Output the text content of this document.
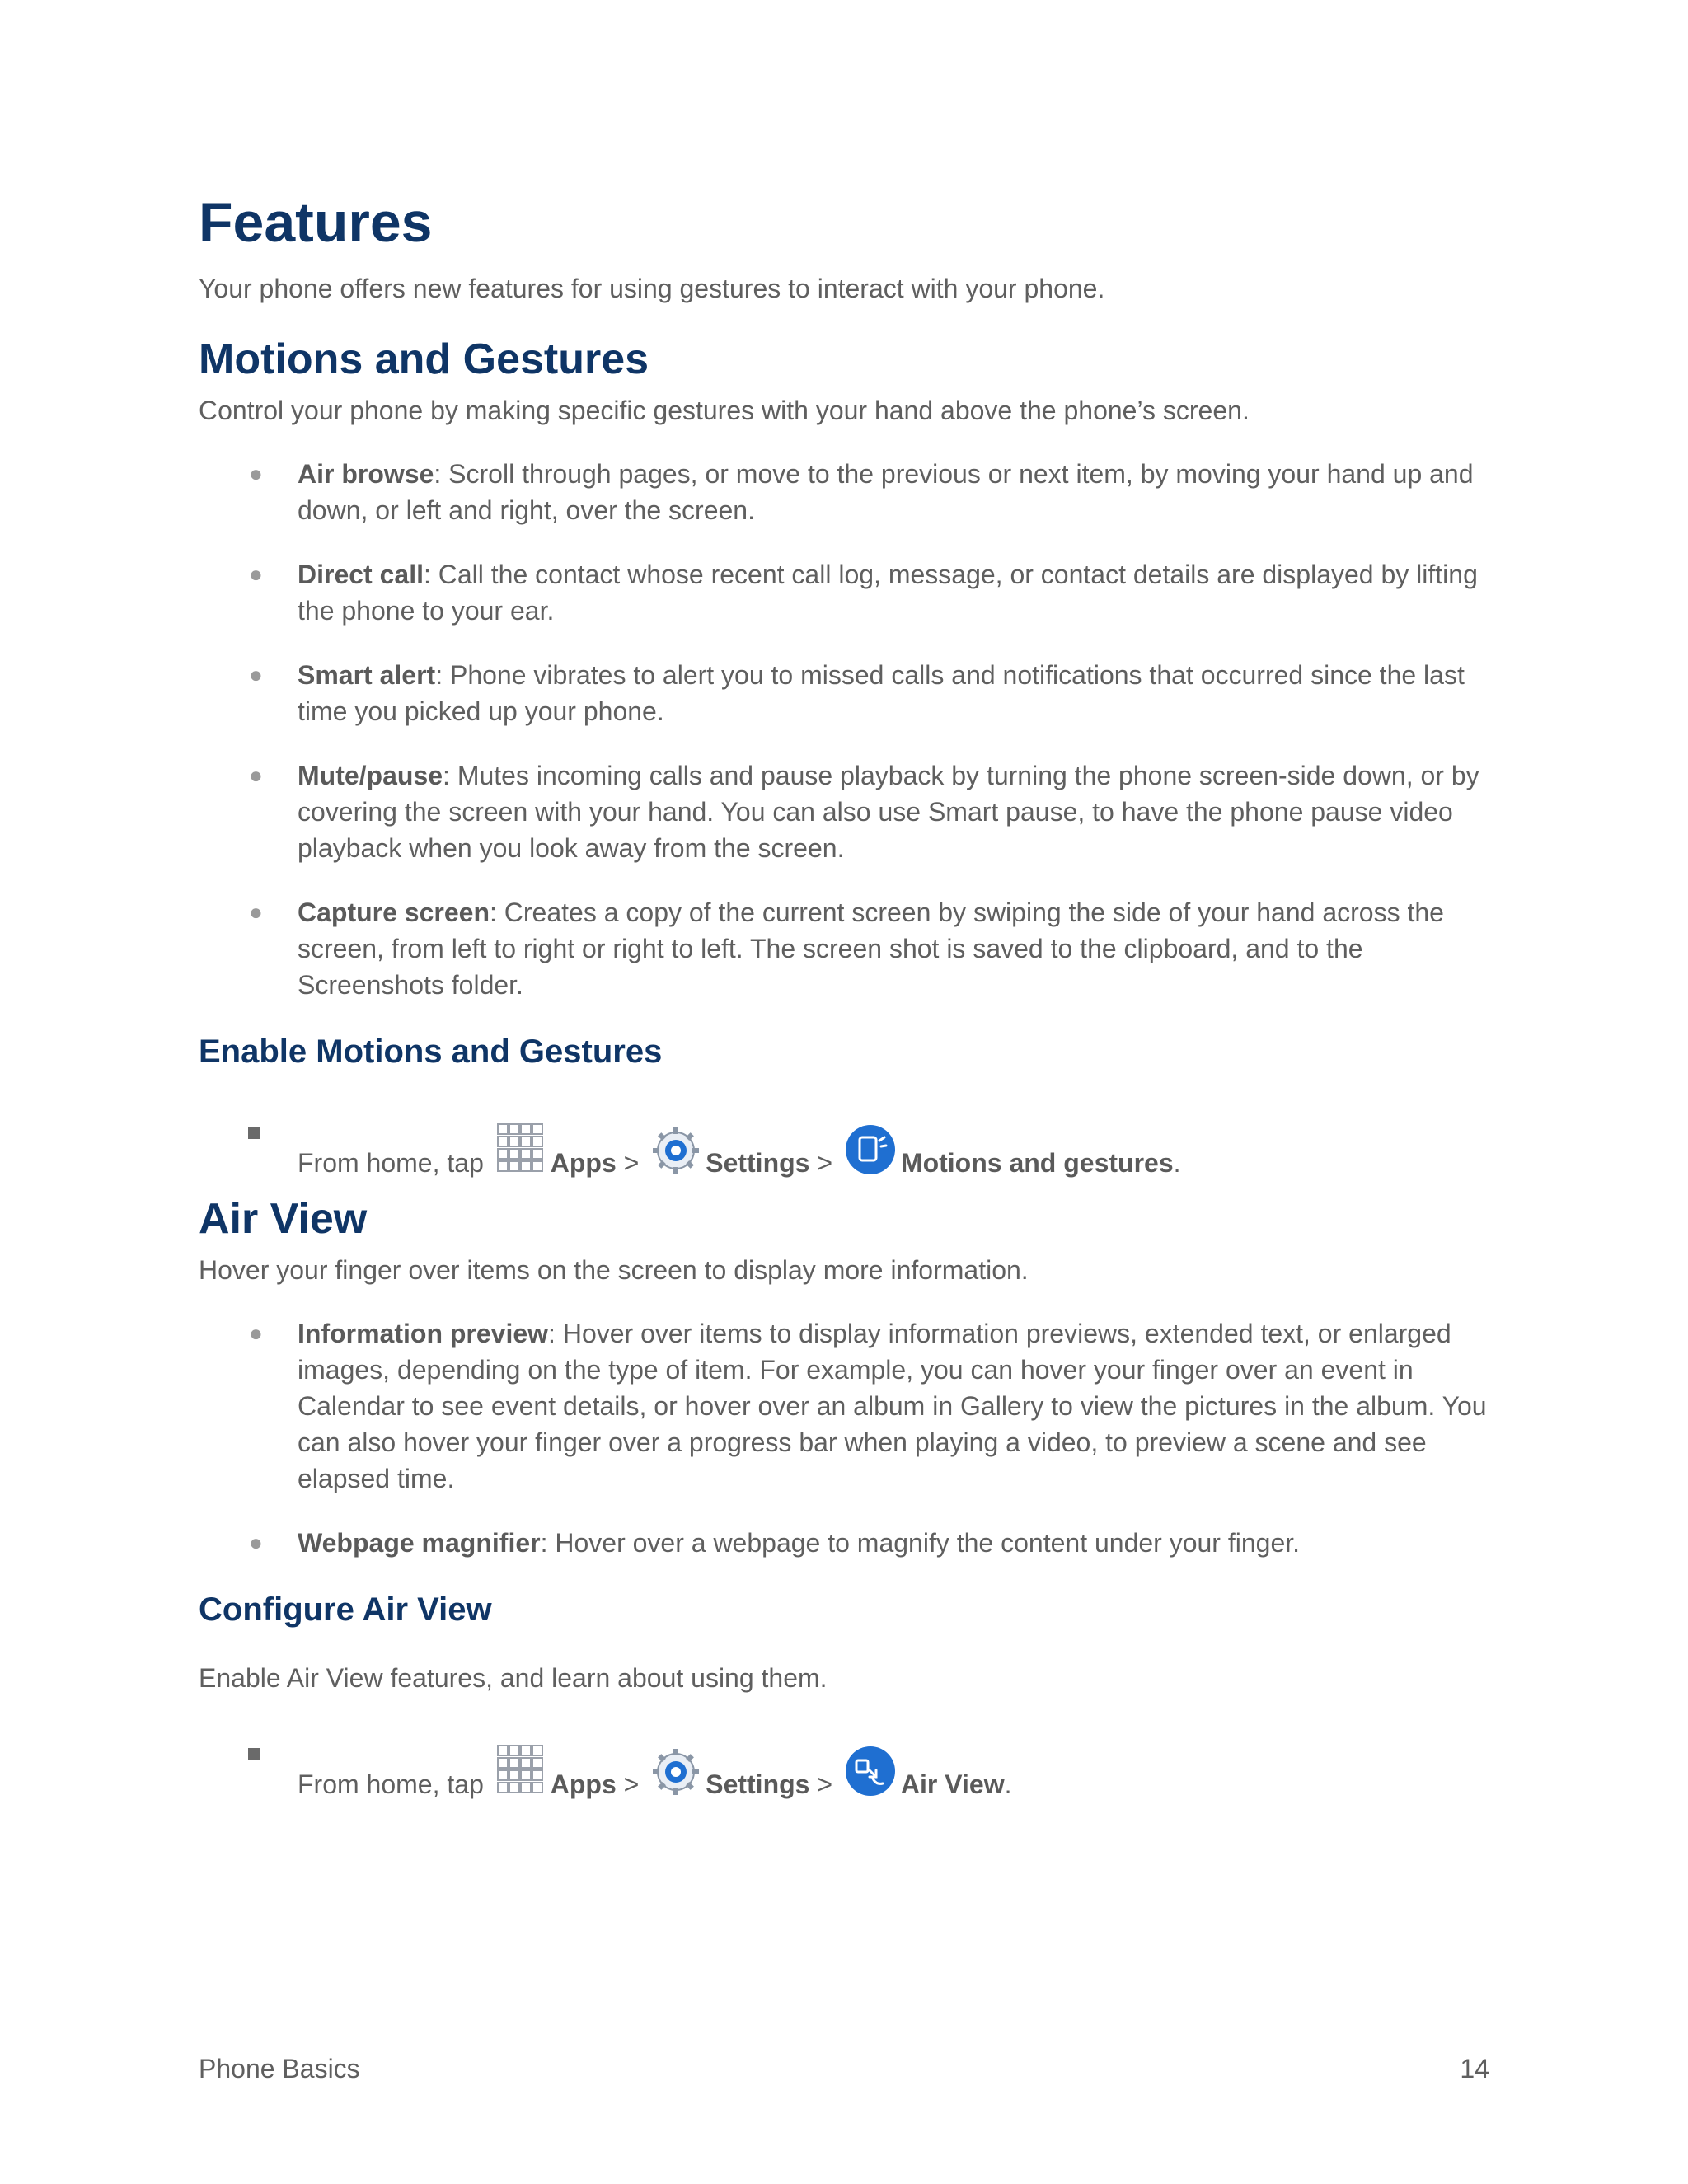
Features

Your phone offers new features for using gestures to interact with your phone.

Motions and Gestures

Control your phone by making specific gestures with your hand above the phone’s screen.

● Air browse: Scroll through pages, or move to the previous or next item, by moving your hand up and down, or left and right, over the screen.
● Direct call: Call the contact whose recent call log, message, or contact details are displayed by lifting the phone to your ear.
● Smart alert: Phone vibrates to alert you to missed calls and notifications that occurred since the last time you picked up your phone.
● Mute/pause: Mutes incoming calls and pause playback by turning the phone screen-side down, or by covering the screen with your hand. You can also use Smart pause, to have the phone pause video playback when you look away from the screen.
● Capture screen: Creates a copy of the current screen by swiping the side of your hand across the screen, from left to right or right to left. The screen shot is saved to the clipboard, and to the Screenshots folder.
Enable Motions and Gestures
From home, tap	Apps >	Settings >	Motions and gestures.
Air View

Hover your finger over items on the screen to display more information.

● Information preview: Hover over items to display information previews, extended text, or enlarged images, depending on the type of item. For example, you can hover your finger over an event in Calendar to see event details, or hover over an album in Gallery to view the pictures in the album. You can also hover your finger over a progress bar when playing a video, to preview a scene and see elapsed time.
● Webpage magnifier: Hover over a webpage to magnify the content under your finger.
Configure Air View

Enable Air View features, and learn about using them.

From home, tap	Apps >	Settings >	Air View.
Phone Basics	14
